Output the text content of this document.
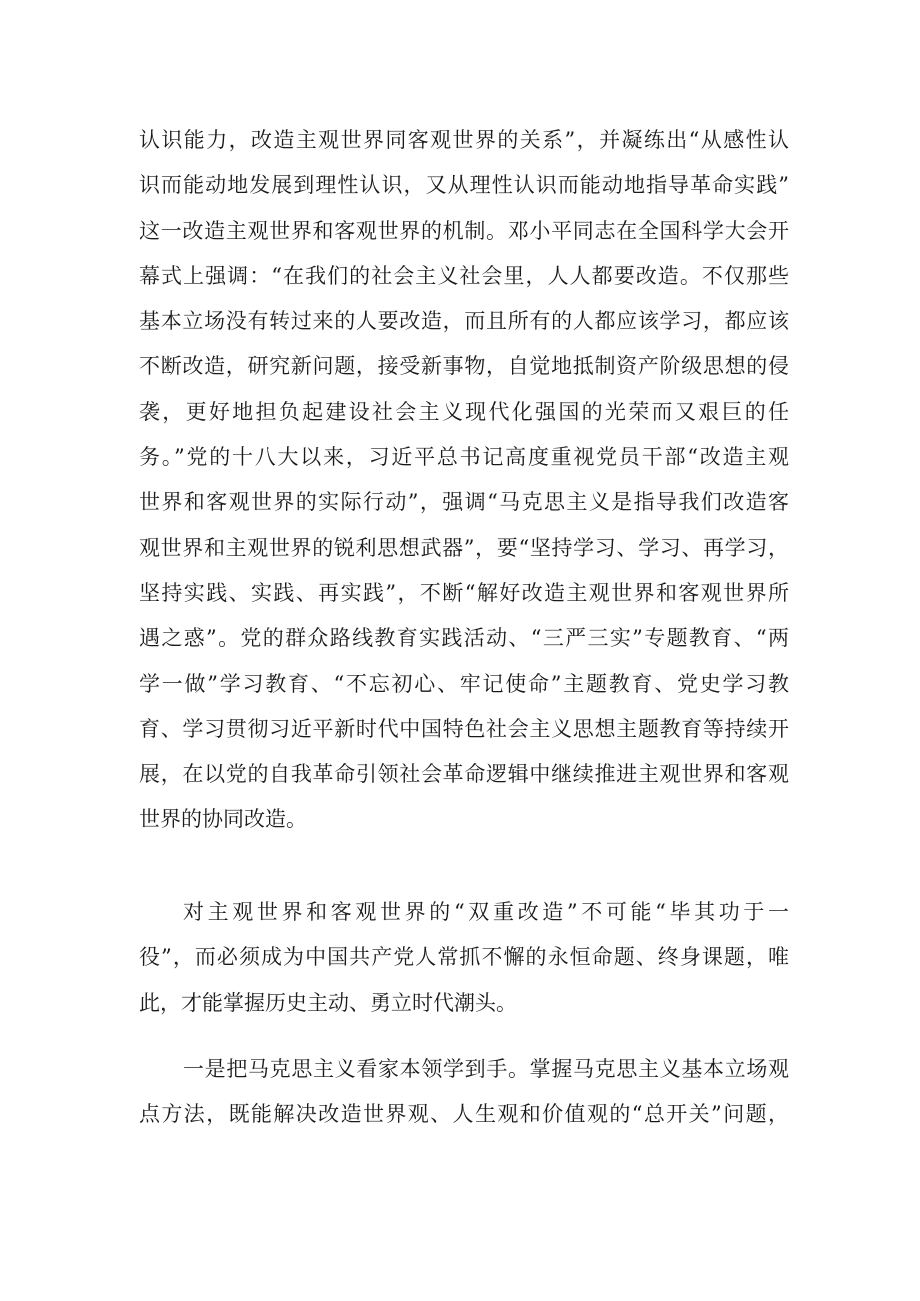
认识能力，改造主观世界同客观世界的关系”，并凝练出“从感性认
识而能动地发展到理性认识，又从理性认识而能动地指导革命实践”
这一改造主观世界和客观世界的机制。邓小平同志在全国科学大会开
幕式上强调：“在我们的社会主义社会里，人人都要改造。不仅那些
基本立场没有转过来的人要改造，而且所有的人都应该学习，都应该
不断改造，研究新问题，接受新事物，自觉地抵制资产阶级思想的侵
袭，更好地担负起建设社会主义现代化强国的光荣而又艰巨的任
务。”党的十八大以来，习近平总书记高度重视党员干部“改造主观
世界和客观世界的实际行动”，强调“马克思主义是指导我们改造客
观世界和主观世界的锐利思想武器”，要“坚持学习、学习、再学习，
坚持实践、实践、再实践”，不断“解好改造主观世界和客观世界所
遇之惑”。党的群众路线教育实践活动、“三严三实”专题教育、“两
学一做”学习教育、“不忘初心、牢记使命”主题教育、党史学习教
育、学习贯彻习近平新时代中国特色社会主义思想主题教育等持续开
展，在以党的自我革命引领社会革命逻辑中继续推进主观世界和客观
世界的协同改造。
对主观世界和客观世界的“双重改造”不可能“毕其功于一
役”，而必须成为中国共产党人常抓不懈的永恒命题、终身课题，唯
此，才能掌握历史主动、勇立时代潮头。
一是把马克思主义看家本领学到手。掌握马克思主义基本立场观
点方法，既能解决改造世界观、人生观和价值观的“总开关”问题，
